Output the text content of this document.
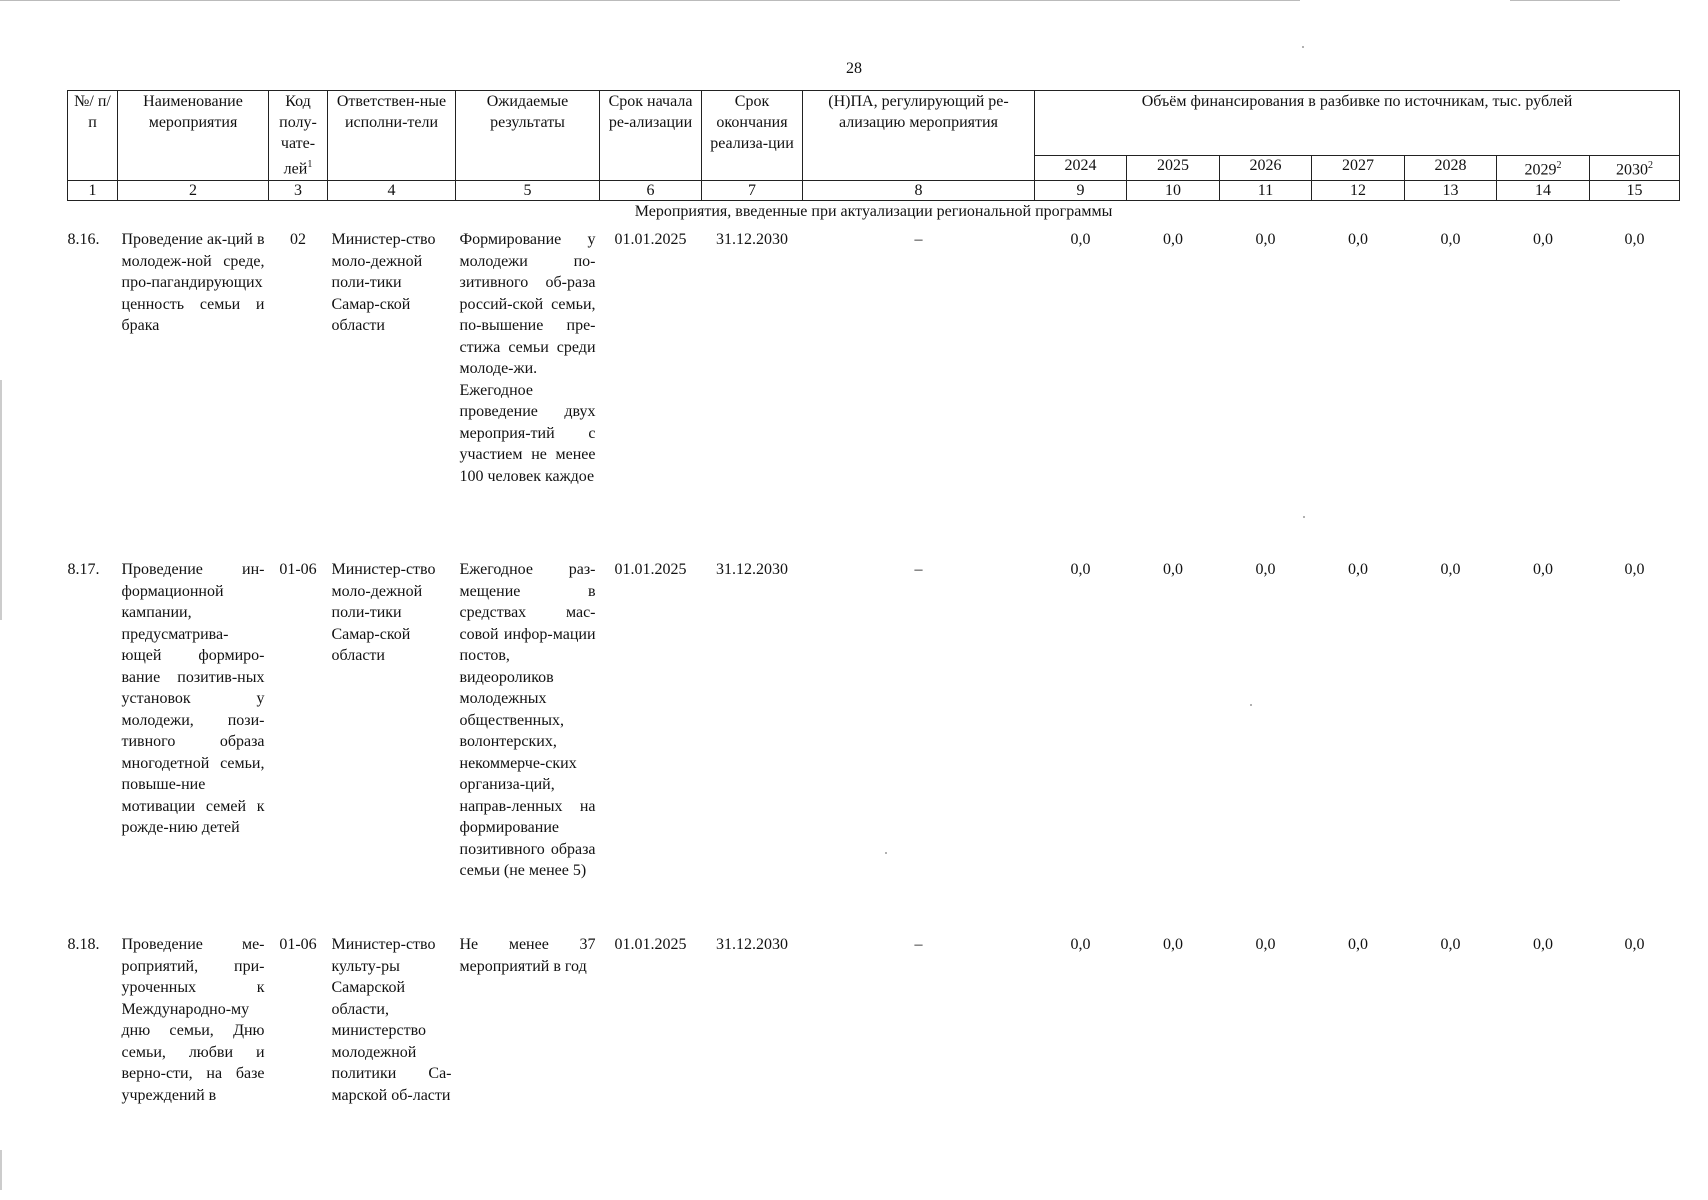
28
№/ п/п	Наименование мероприятия	Код полу-чате-лей$^1$	Ответствен-ные исполни-тели	Ожидаемые результаты	Срок начала ре-ализации	Срок окончания реализа-ции	(Н)ПА, регулирующий ре-ализацию мероприятия	Объём финансирования в разбивке по источникам, тыс. рублей						
								2024	2025	2026	2027	2028	2029$^2$	2030$^2$
1	2	3	4	5	6	7	8	9	10	11	12	13	14	15
Мероприятия, введенные при актуализации региональной программы														
8.16.	Проведение ак-ций в молодеж-ной среде, про-пагандирующих ценность семьи и брака	02	Министер-ство моло-дежной поли-тики Самар-ской области	Формирование у молодежи по-зитивного об-раза россий-ской семьи, по-вышение пре-стижа семьи среди молоде-жи. Ежегодное проведение двух мероприя-тий с участием не менее 100 человек каждое	01.01.2025	31.12.2030	–	0,0	0,0	0,0	0,0	0,0	0,0	0,0
8.17.	Проведение ин-формационной кампании, предусматрива-ющей формиро-вание позитив-ных установок у молодежи, пози-тивного образа многодетной семьи, повыше-ние мотивации семей к рожде-нию детей	01-06	Министер-ство моло-дежной поли-тики Самар-ской области	Ежегодное раз-мещение в средствах мас-совой инфор-мации постов, видеороликов молодежных общественных, волонтерских, некоммерче-ских организа-ций, направ-ленных на формирование позитивного образа семьи (не менее 5)	01.01.2025	31.12.2030	–	0,0	0,0	0,0	0,0	0,0	0,0	0,0
8.18.	Проведение ме-роприятий, при-уроченных к Международно-му дню семьи, Дню семьи, любви и верно-сти, на базе учреждений в	01-06	Министер-ство культу-ры Самарской области, министерство молодежной политики Са-марской об-ласти	Не менее 37 мероприятий в год	01.01.2025	31.12.2030	–	0,0	0,0	0,0	0,0	0,0	0,0	0,0
